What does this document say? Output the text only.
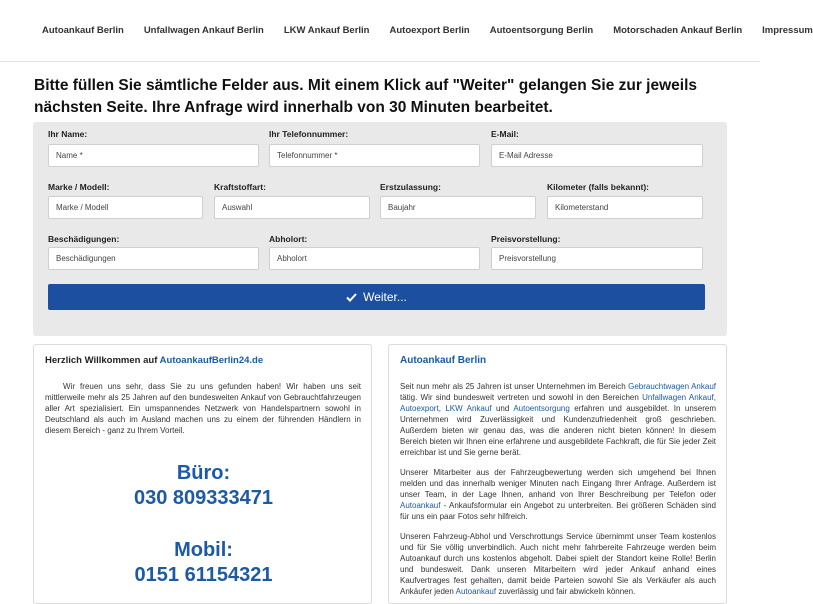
Autoankauf Berlin Unfallwagen Ankauf Berlin LKW Ankauf Berlin Autoexport Berlin Autoentsorgung Berlin Motorschaden Ankauf Berlin Impressum
Bitte füllen Sie sämtliche Felder aus. Mit einem Klick auf "Weiter" gelangen Sie zur jeweils nächsten Seite. Ihre Anfrage wird innerhalb von 30 Minuten bearbeitet.
Ihr Name:
Name *
Ihr Telefonnummer:
Telefonnummer *
E-Mail:
E-Mail Adresse
Marke / Modell:
Marke / Modell
Kraftstoffart:
Auswahl
Erstzulassung:
Baujahr
Kilometer (falls bekannt):
Kilometerstand
Beschädigungen:
Beschädigungen
Abholort:
Abholort
Preisvorstellung:
Preisvorstellung
Weiter...
Herzlich Willkommen auf AutoankaufBerlin24.de
Wir freuen uns sehr, dass Sie zu uns gefunden haben! Wir haben uns seit mittlerweile mehr als 25 Jahren auf den bundesweiten Ankauf von Gebrauchtfahrzeugen aller Art spezialisiert. Ein umspannendes Netzwerk von Handelspartnern sowohl in Deutschland als auch im Ausland machen uns zu einem der führenden Händlern in diesem Bereich - ganz zu Ihrem Vorteil.
Büro:
030 809333471
Mobil:
0151 61154321
Autoankauf Berlin
Seit nun mehr als 25 Jahren ist unser Unternehmen im Bereich Gebrauchtwagen Ankauf tätig. Wir sind bundesweit vertreten und sowohl in den Bereichen Unfallwagen Ankauf, Autoexport, LKW Ankauf und Autoentsorgung erfahren und ausgebildet. In unserem Unternehmen wird Zuverlässigkeit und Kundenzufriedenheit groß geschrieben. Außerdem bieten wir genau das, was die anderen nicht bieten können! In diesem Bereich bieten wir Ihnen eine erfahrene und ausgebildete Fachkraft, die für Sie jeder Zeit erreichbar ist und Sie gerne berät.
Unserer Mitarbeiter aus der Fahrzeugbewertung werden sich umgehend bei Ihnen melden und das innerhalb weniger Minuten nach Eingang Ihrer Anfrage. Außerdem ist unser Team, in der Lage Ihnen, anhand von Ihrer Beschreibung per Telefon oder Autoankauf - Ankaufsformular ein Angebot zu unterbreiten. Bei größeren Schäden sind für uns ein paar Fotos sehr hilfreich.
Unseren Fahrzeug-Abhol und Verschrottungs Service übernimmt unser Team kostenlos und für Sie völlig unverbindlich. Auch nicht mehr fahrbereite Fahrzeuge werden beim Autoankauf durch uns kostenlos abgeholt. Dabei spielt der Standort keine Rolle! Berlin und bundesweit. Dank unseren Mitarbeitern wird jeder Ankauf anhand eines Kaufvertrages fest gehalten, damit beide Parteien sowohl Sie als Verkäufer als auch Ankäufer jeden Autoankauf zuverlässig und fair abwickeln können.
